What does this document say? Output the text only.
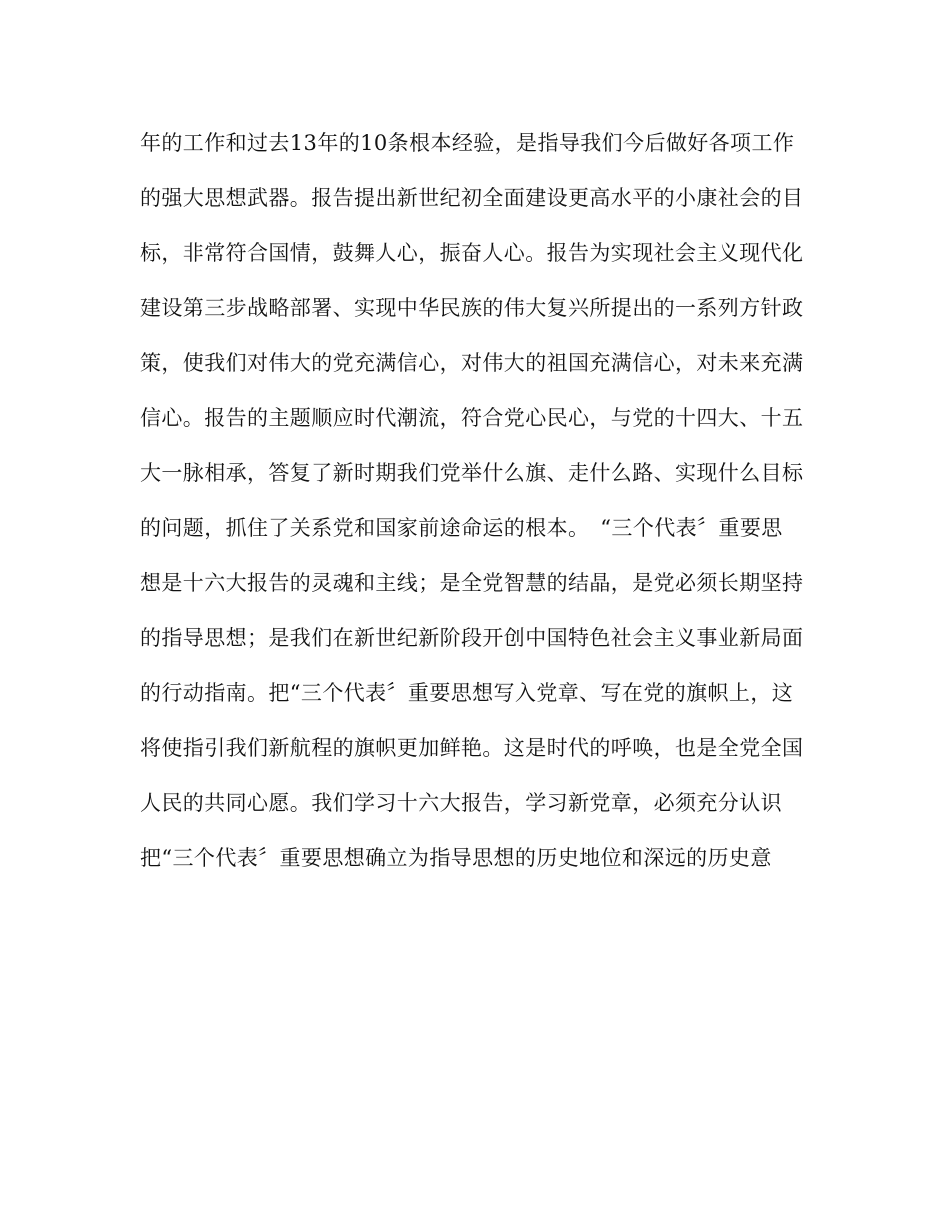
年的工作和过去13年的10条根本经验，是指导我们今后做好各项工作
的强大思想武器。报告提出新世纪初全面建设更高水平的小康社会的目
标，非常符合国情，鼓舞人心，振奋人心。报告为实现社会主义现代化
建设第三步战略部署、实现中华民族的伟大复兴所提出的一系列方针政
策，使我们对伟大的党充满信心，对伟大的祖国充满信心，对未来充满
信心。报告的主题顺应时代潮流，符合党心民心，与党的十四大、十五
大一脉相承，答复了新时期我们党举什么旗、走什么路、实现什么目标
的问题，抓住了关系党和国家前途命运的根本。　“三个代表〞重要思
想是十六大报告的灵魂和主线；是全党智慧的结晶，是党必须长期坚持
的指导思想；是我们在新世纪新阶段开创中国特色社会主义事业新局面
的行动指南。把“三个代表〞重要思想写入党章、写在党的旗帜上，这
将使指引我们新航程的旗帜更加鲜艳。这是时代的呼唤，也是全党全国
人民的共同心愿。我们学习十六大报告，学习新党章，必须充分认识
把“三个代表〞重要思想确立为指导思想的历史地位和深远的历史意
